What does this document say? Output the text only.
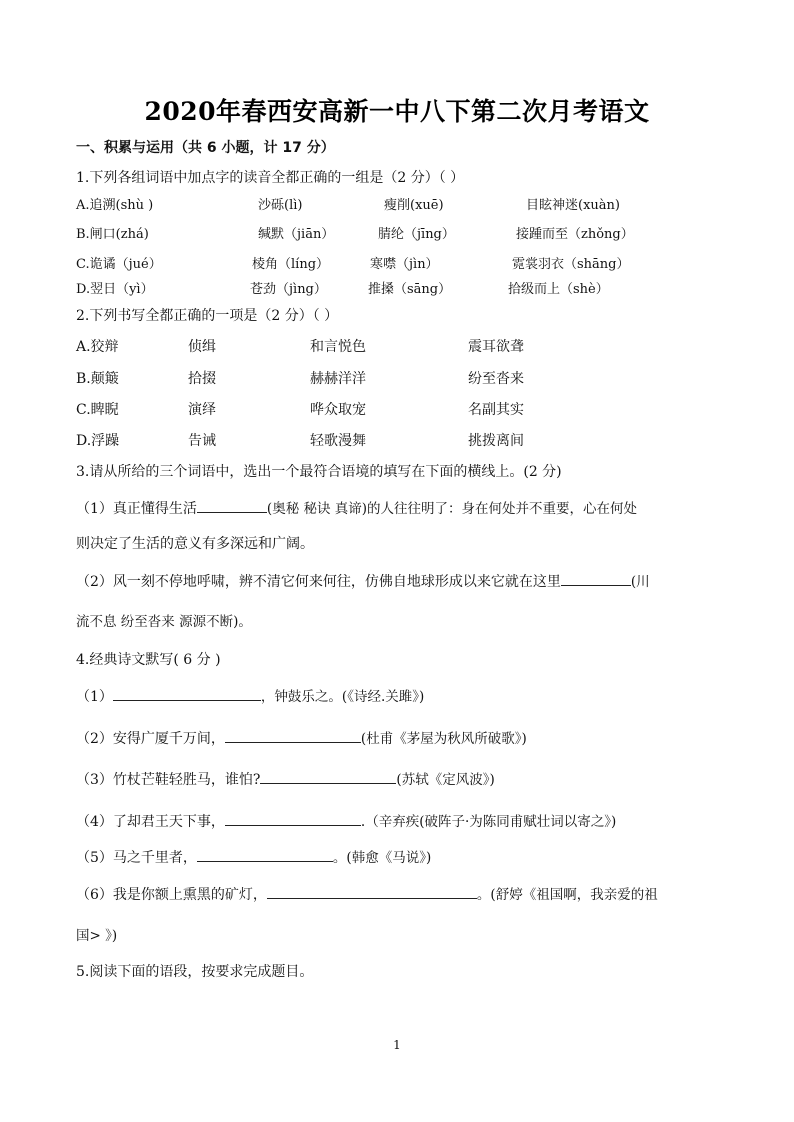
2020年春西安高新一中八下第二次月考语文
一、积累与运用（共 6 小题，计 17 分）
1.下列各组词语中加点字的读音全都正确的一组是（2 分）（ ）
A.追溯(shù )	沙砾(lì)	瘦削(xuē)	目眩神迷(xuàn)
B.闸口(zhá)	缄默（jiān）	腈纶（jīng）	接踵而至（zhǒng）
C.诡谲（jué）	棱角（líng）	寒噤（jìn）	霓裳羽衣（shāng）
D.翌日（yì）	苍劲（jìng）	推搡（sāng）	拾级而上（shè）
2.下列书写全都正确的一项是（2 分）（ ）
A.狡辩	侦缉	和言悦色	震耳欲聋
B.颠簸	拾掇	赫赫洋洋	纷至沓来
C.睥睨	演绎	哗众取宠	名副其实
D.浮躁	告诫	轻歌漫舞	挑拨离间
3.请从所给的三个词语中，选出一个最符合语境的填写在下面的横线上。(2 分)
（1）真正懂得生活	(奥秘 秘诀 真谛)的人往往明了：身在何处并不重要，心在何处
则决定了生活的意义有多深远和广阔。
（2）风一刻不停地呼啸，辨不清它何来何往，仿佛自地球形成以来它就在这里	(川
流不息 纷至沓来 源源不断)。
4.经典诗文默写( 6 分 )
（1）	，钟鼓乐之。(《诗经.关雎》)
（2）安得广厦千万间，	(杜甫《茅屋为秋风所破歌》)
（3）竹杖芒鞋轻胜马，谁怕?	(苏轼《定风波》)
（4）了却君王天下事，	.（辛弃疾(破阵子·为陈同甫赋壮词以寄之》)
（5）马之千里者，	。(韩愈《马说》)
（6）我是你额上熏黑的矿灯，	。(舒婷《祖国啊，我亲爱的祖
国> 》)
5.阅读下面的语段，按要求完成题目。
1
